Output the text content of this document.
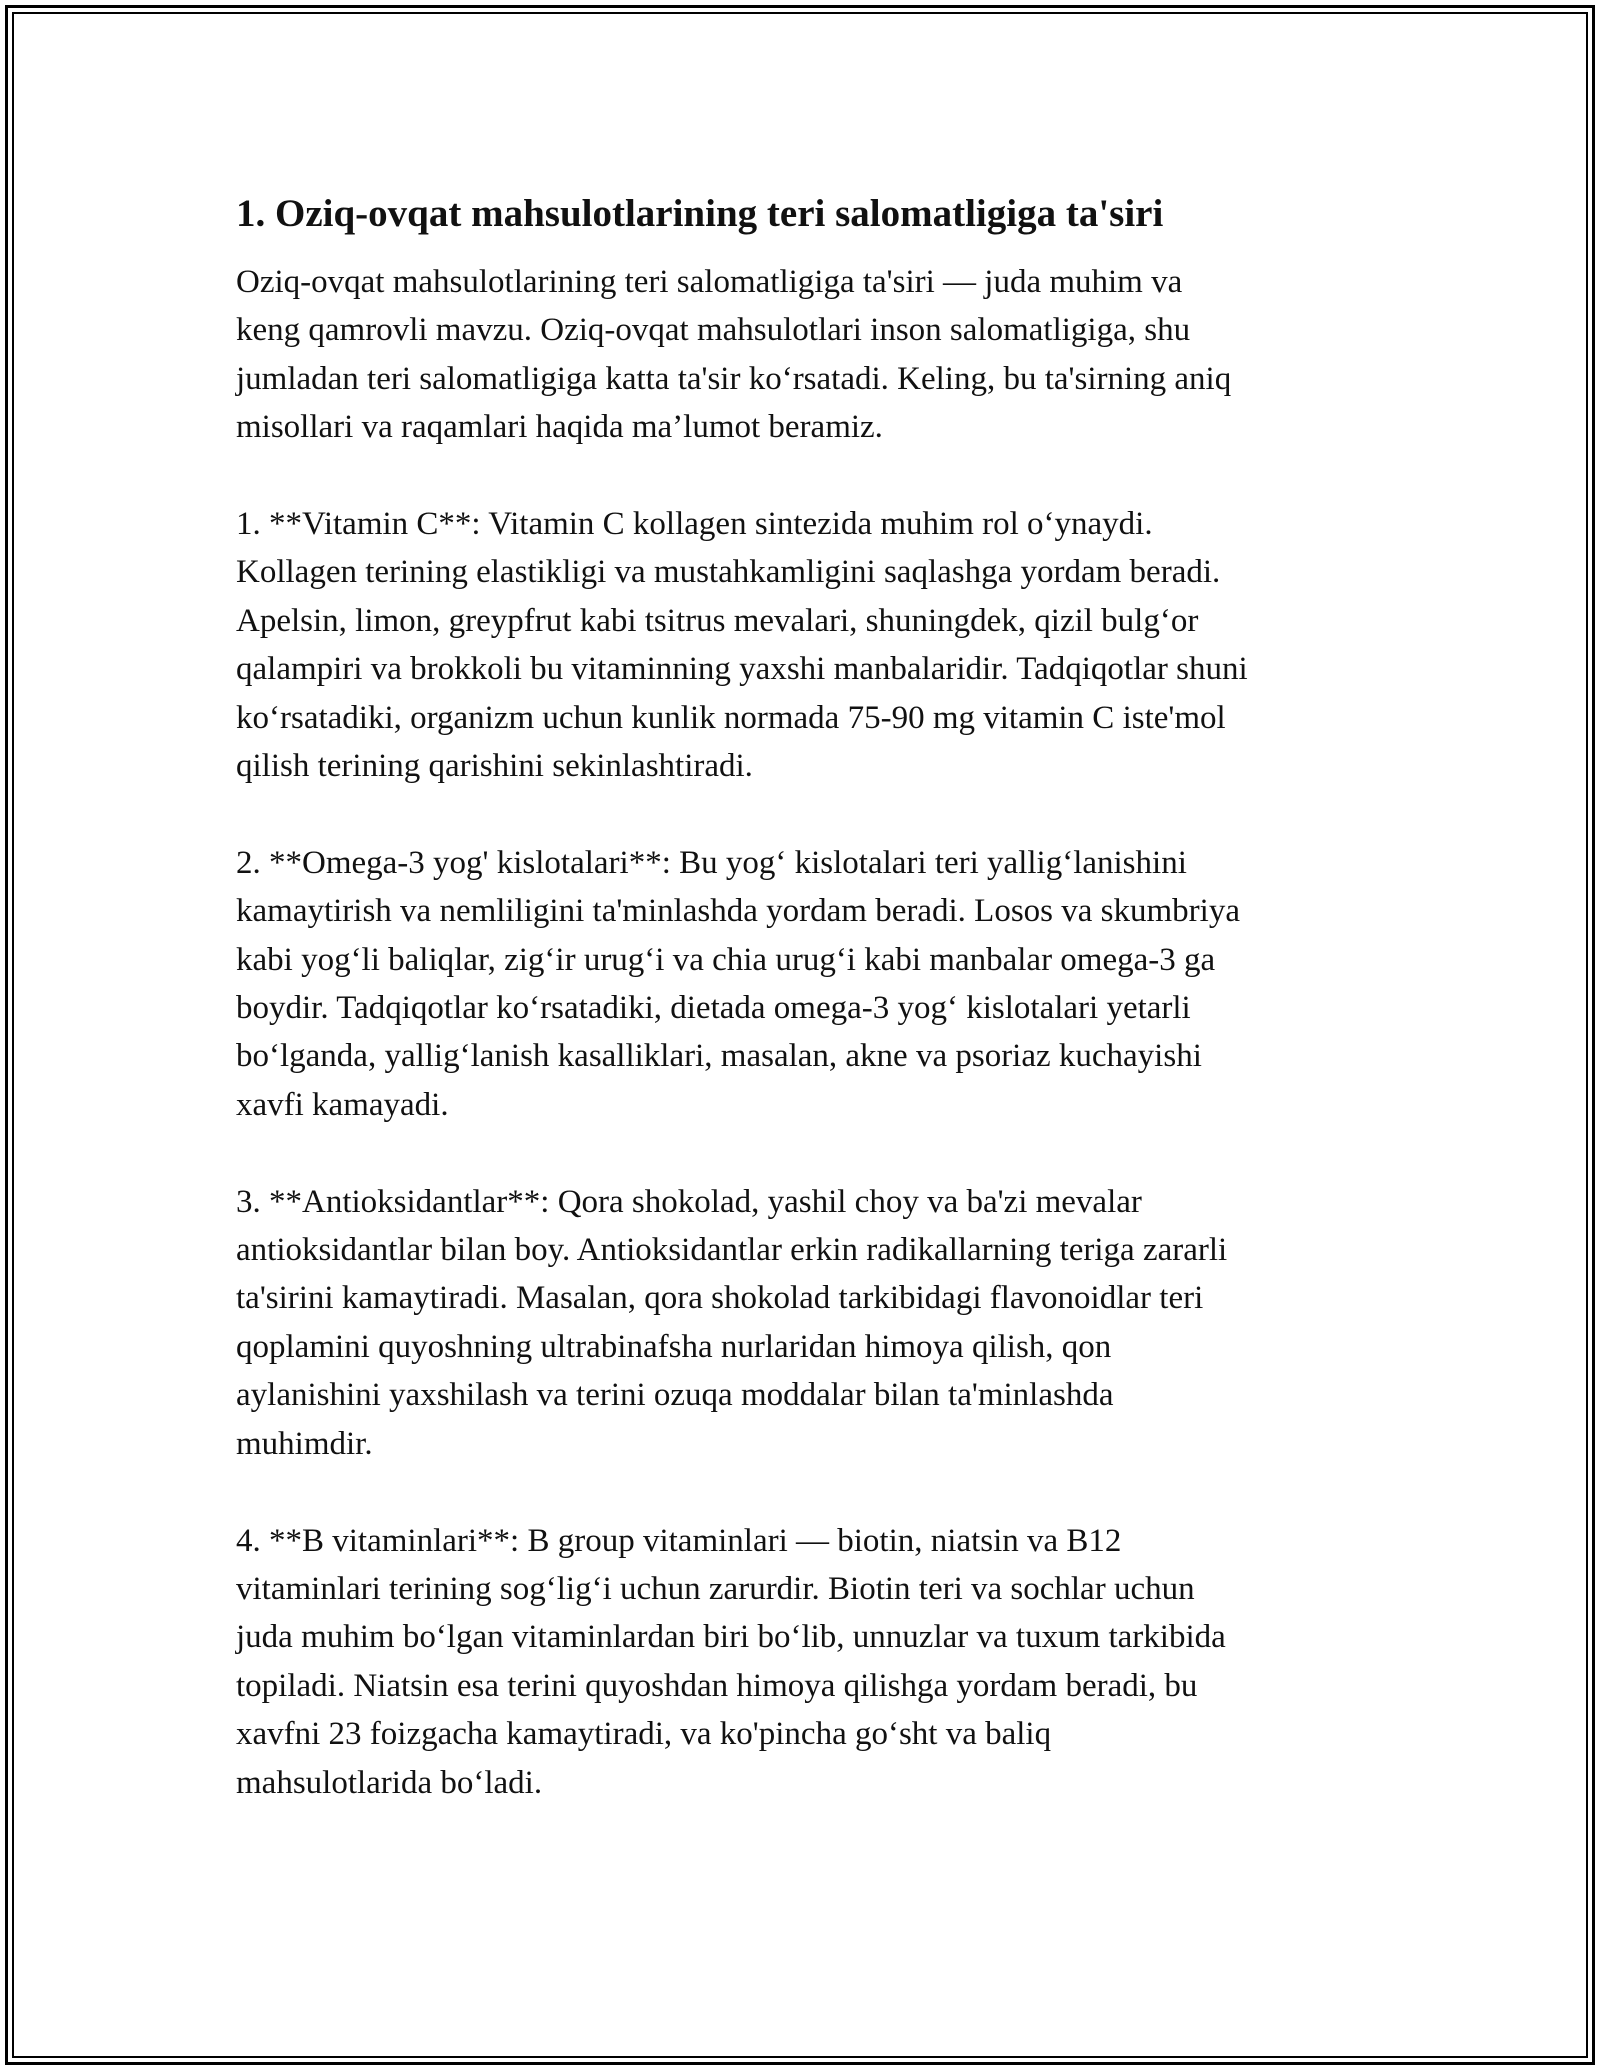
1. Oziq-ovqat mahsulotlarining teri salomatligiga ta'siri

Oziq-ovqat mahsulotlarining teri salomatligiga ta'siri — juda muhim va
keng qamrovli mavzu. Oziq-ovqat mahsulotlari inson salomatligiga, shu
jumladan teri salomatligiga katta ta'sir ko‘rsatadi. Keling, bu ta'sirning aniq
misollari va raqamlari haqida ma’lumot beramiz.

1. **Vitamin C**: Vitamin C kollagen sintezida muhim rol o‘ynaydi.
Kollagen terining elastikligi va mustahkamligini saqlashga yordam beradi.
Apelsin, limon, greypfrut kabi tsitrus mevalari, shuningdek, qizil bulg‘or
qalampiri va brokkoli bu vitaminning yaxshi manbalaridir. Tadqiqotlar shuni
ko‘rsatadiki, organizm uchun kunlik normada 75-90 mg vitamin C iste'mol
qilish terining qarishini sekinlashtiradi.

2. **Omega-3 yog' kislotalari**: Bu yog‘ kislotalari teri yallig‘lanishini
kamaytirish va nemliligini ta'minlashda yordam beradi. Losos va skumbriya
kabi yog‘li baliqlar, zig‘ir urug‘i va chia urug‘i kabi manbalar omega-3 ga
boydir. Tadqiqotlar ko‘rsatadiki, dietada omega-3 yog‘ kislotalari yetarli
bo‘lganda, yallig‘lanish kasalliklari, masalan, akne va psoriaz kuchayishi
xavfi kamayadi.

3. **Antioksidantlar**: Qora shokolad, yashil choy va ba'zi mevalar
antioksidantlar bilan boy. Antioksidantlar erkin radikallarning teriga zararli
ta'sirini kamaytiradi. Masalan, qora shokolad tarkibidagi flavonoidlar teri
qoplamini quyoshning ultrabinafsha nurlaridan himoya qilish, qon
aylanishini yaxshilash va terini ozuqa moddalar bilan ta'minlashda
muhimdir.

4. **B vitaminlari**: B group vitaminlari — biotin, niatsin va B12
vitaminlari terining sog‘lig‘i uchun zarurdir. Biotin teri va sochlar uchun
juda muhim bo‘lgan vitaminlardan biri bo‘lib, unnuzlar va tuxum tarkibida
topiladi. Niatsin esa terini quyoshdan himoya qilishga yordam beradi, bu
xavfni 23 foizgacha kamaytiradi, va ko'pincha go‘sht va baliq
mahsulotlarida bo‘ladi.
